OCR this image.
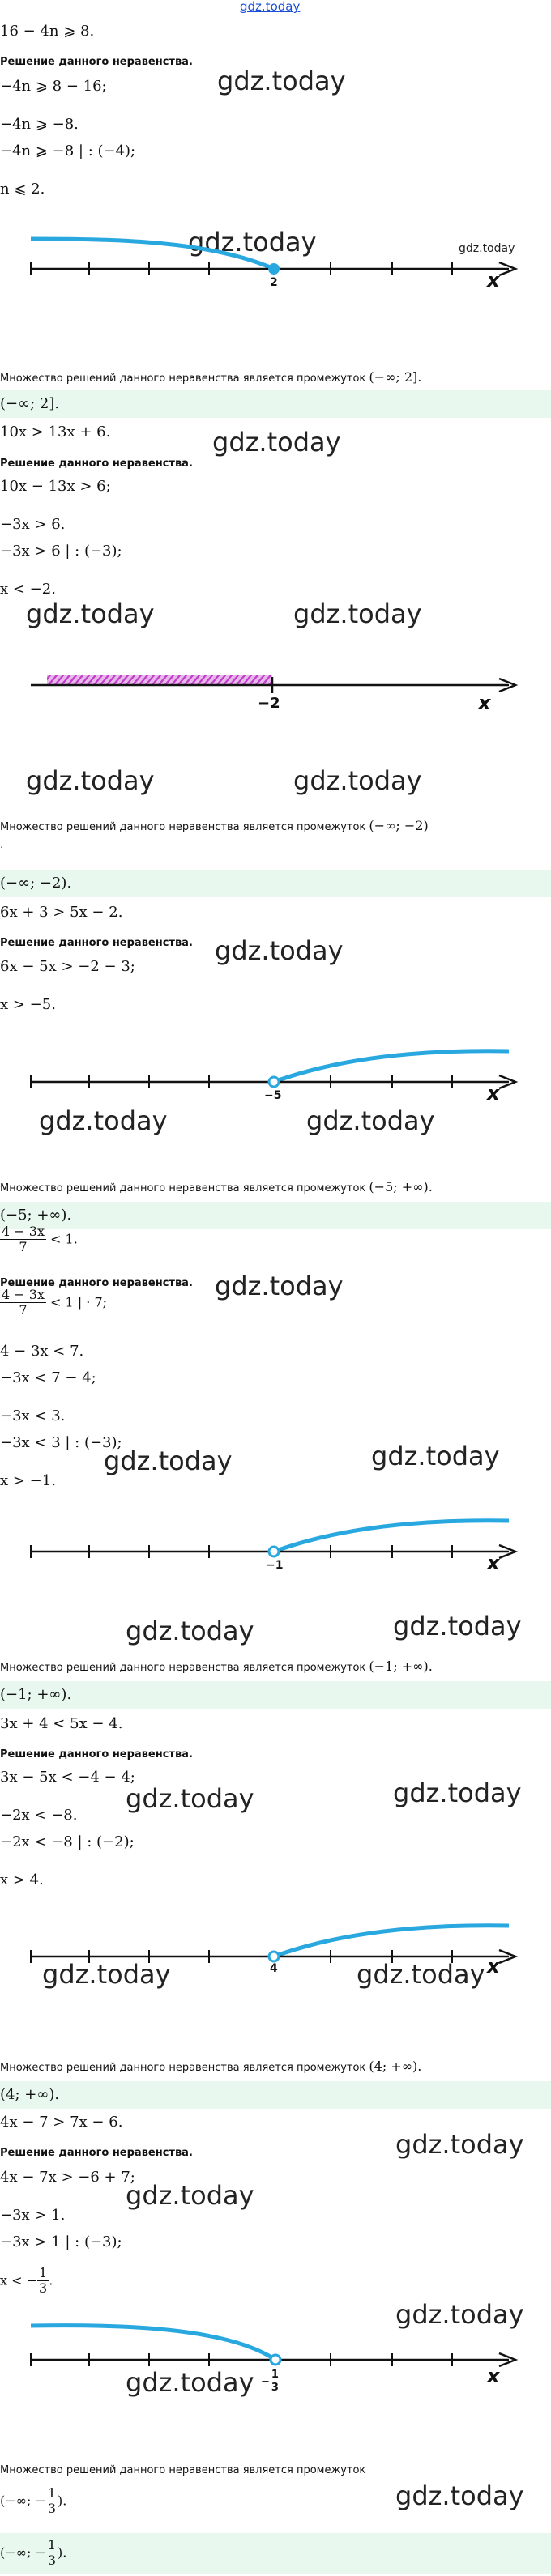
gdz.today
16 − 4n ⩾ 8.
Решение данного неравенства.
−4n ⩾ 8 − 16;
−4n ⩾ −8.
−4n ⩾ −8 | : (−4);
n ⩽ 2.
gdz.today
gdz.today	gdz.today
2	x
Множество решений данного неравенства является промежуток (−∞; 2].
(−∞; 2].
10x > 13x + 6.	gdz.today
Решение данного неравенства.
10x − 13x > 6;
−3x > 6.
−3x > 6 | : (−3);
x < −2.
gdz.today	gdz.today
−2	x
gdz.today	gdz.today
Множество решений данного неравенства является промежуток (−∞; −2)
.
(−∞; −2).
6x + 3 > 5x − 2.
gdz.today
Решение данного неравенства.
6x − 5x > −2 − 3;
x > −5.
−5	x
gdz.today	gdz.today
Множество решений данного неравенства является промежуток (−5; +∞).
(−5; +∞).
$\frac{4 - 3x}{7} < 1$.
gdz.today
Решение данного неравенства.
$\frac{4 - 3x}{7} < 1$ | · 7;
4 − 3x < 7.
−3x < 7 − 4;
−3x < 3.
−3x < 3 | : (−3);
gdz.today	gdz.today
x > −1.
−1	x
gdz.today	gdz.today
Множество решений данного неравенства является промежуток (−1; +∞).
(−1; +∞).
3x + 4 < 5x − 4.
Решение данного неравенства.
3x − 5x < −4 − 4;
gdz.today	gdz.today
−2x < −8.
−2x < −8 | : (−2);
x > 4.
4	x
gdz.today	gdz.today
Множество решений данного неравенства является промежуток (4; +∞).
(4; +∞).
4x − 7 > 7x − 6.
gdz.today
Решение данного неравенства.
4x − 7x > −6 + 7;
gdz.today
−3x > 1.
−3x > 1 | : (−3);
x < − $\frac{1}{3}$ .
gdz.today
x
gdz.today − $\frac{1}{3}$
Множество решений данного неравенства является промежуток
gdz.today
(−∞; − $\frac{1}{3}$ ).
(−∞; − $\frac{1}{3}$ ).
